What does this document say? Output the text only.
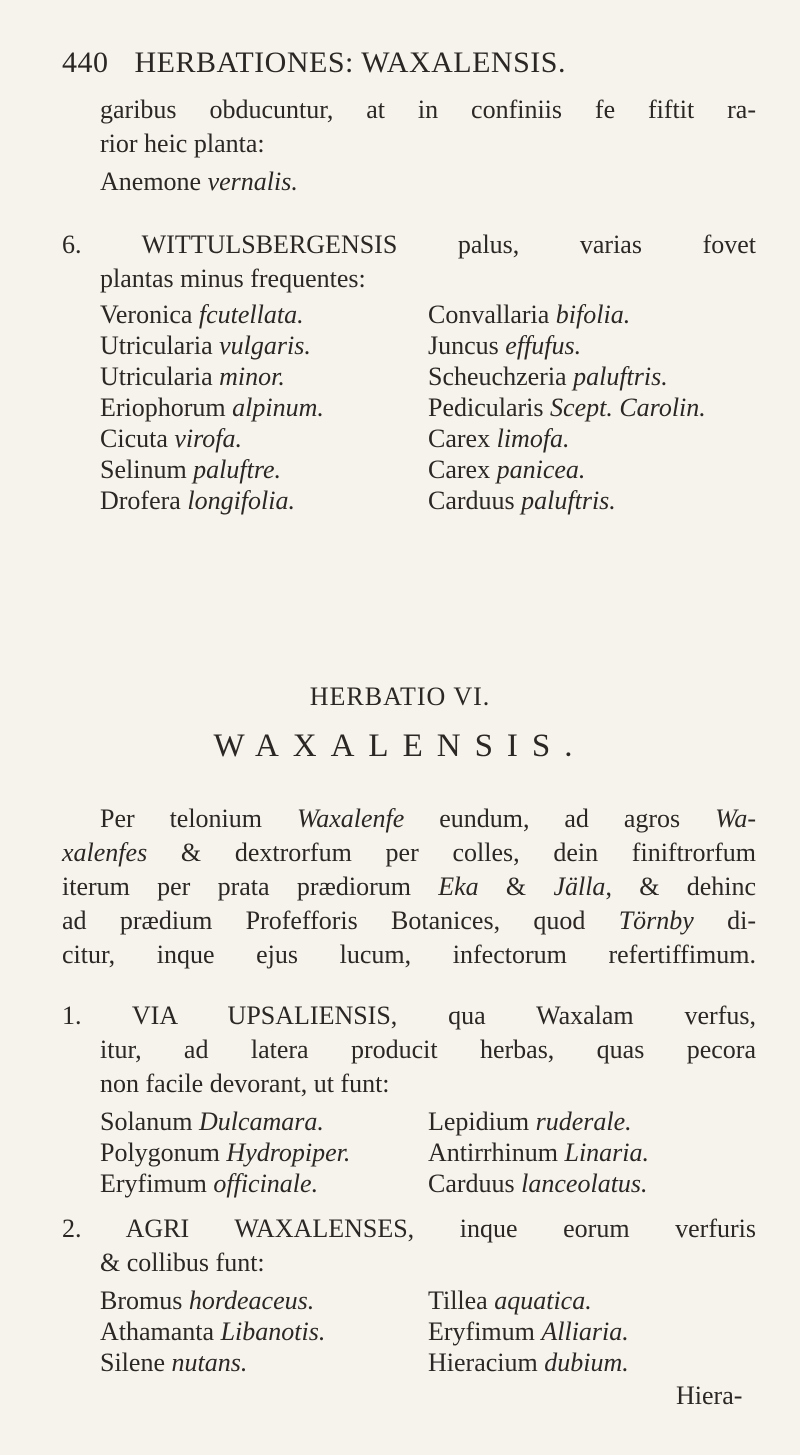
440 HERBATIONES: WAXALENSIS.
garibus obducuntur, at in confiniis fe fiftit ra-
rior heic planta:
Anemone vernalis.
6. WITTULSBERGENSIS palus, varias fovet
plantas minus frequentes:
Veronica fcutellata.
Utricularia vulgaris.
Utricularia minor.
Eriophorum alpinum.
Cicuta virofa.
Selinum paluftre.
Drofera longifolia.
Convallaria bifolia.
Juncus effufus.
Scheuchzeria paluftris.
Pedicularis Scept. Carolin.
Carex limofa.
Carex panicea.
Carduus paluftris.
HERBATIO VI.
WAXALENSIS.
Per telonium Waxalenfe eundum, ad agros Wa-
xalenfes & dextrorfum per colles, dein finiftrorfum
iterum per prata prædiorum Eka & Jälla, & dehinc
ad prædium Profefforis Botanices, quod Törnby di-
citur, inque ejus lucum, infectorum refertiffimum.
1. VIA UPSALIENSIS, qua Waxalam verfus,
itur, ad latera producit herbas, quas pecora
non facile devorant, ut funt:
Solanum Dulcamara.
Polygonum Hydropiper.
Eryfimum officinale.
Lepidium ruderale.
Antirrhinum Linaria.
Carduus lanceolatus.
2. AGRI WAXALENSES, inque eorum verfuris
& collibus funt:
Bromus hordeaceus.
Athamanta Libanotis.
Silene nutans.
Tillea aquatica.
Eryfimum Alliaria.
Hieracium dubium.
Hiera-
